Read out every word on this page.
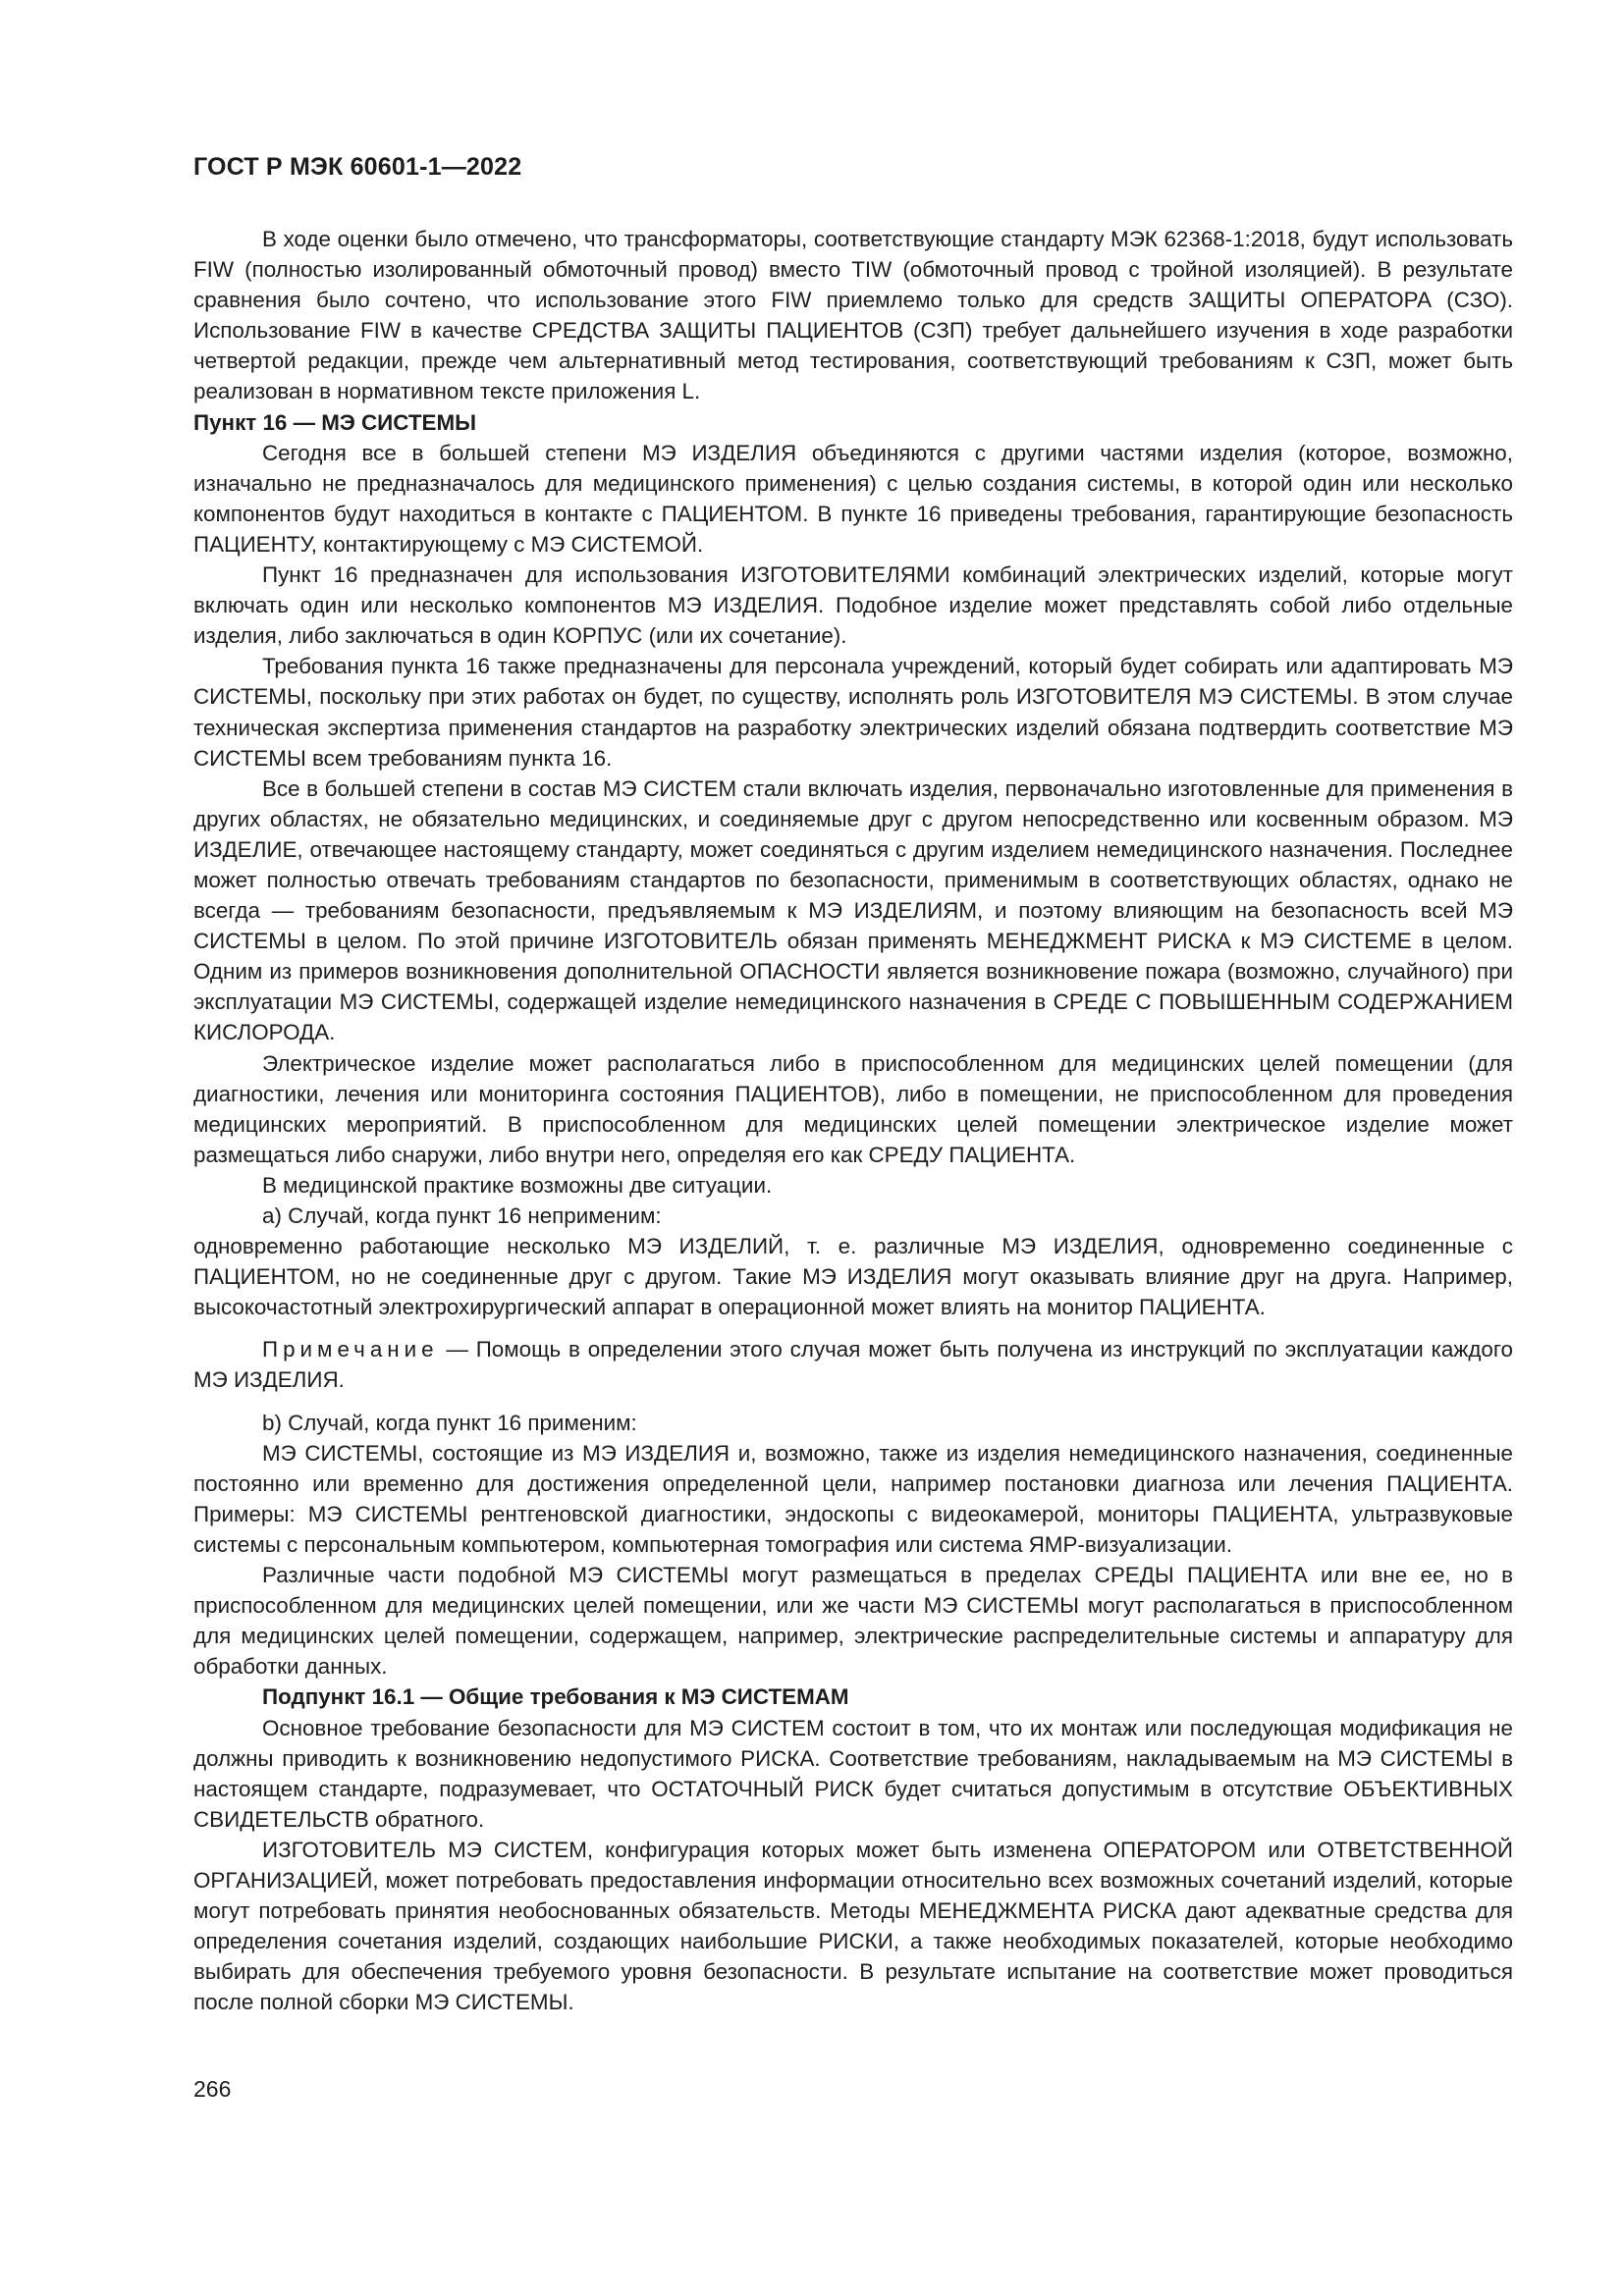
ГОСТ Р МЭК 60601-1—2022

В ходе оценки было отмечено, что трансформаторы, соответствующие стандарту МЭК 62368-1:2018, будут использовать FIW (полностью изолированный обмоточный провод) вместо TIW (обмоточный провод с тройной изоляцией). В результате сравнения было сочтено, что использование этого FIW приемлемо только для средств ЗАЩИТЫ ОПЕРАТОРА (СЗО). Использование FIW в качестве СРЕДСТВА ЗАЩИТЫ ПАЦИЕНТОВ (СЗП) требует дальнейшего изучения в ходе разработки четвертой редакции, прежде чем альтернативный метод тестирования, соответствующий требованиям к СЗП, может быть реализован в нормативном тексте приложения L.

Пункт 16 — МЭ СИСТЕМЫ

Сегодня все в большей степени МЭ ИЗДЕЛИЯ объединяются с другими частями изделия (которое, возможно, изначально не предназначалось для медицинского применения) с целью создания системы, в которой один или несколько компонентов будут находиться в контакте с ПАЦИЕНТОМ. В пункте 16 приведены требования, гарантирующие безопасность ПАЦИЕНТУ, контактирующему с МЭ СИСТЕМОЙ.

Пункт 16 предназначен для использования ИЗГОТОВИТЕЛЯМИ комбинаций электрических изделий, которые могут включать один или несколько компонентов МЭ ИЗДЕЛИЯ. Подобное изделие может представлять собой либо отдельные изделия, либо заключаться в один КОРПУС (или их сочетание).

Требования пункта 16 также предназначены для персонала учреждений, который будет собирать или адаптировать МЭ СИСТЕМЫ, поскольку при этих работах он будет, по существу, исполнять роль ИЗГОТОВИТЕЛЯ МЭ СИСТЕМЫ. В этом случае техническая экспертиза применения стандартов на разработку электрических изделий обязана подтвердить соответствие МЭ СИСТЕМЫ всем требованиям пункта 16.

Все в большей степени в состав МЭ СИСТЕМ стали включать изделия, первоначально изготовленные для применения в других областях, не обязательно медицинских, и соединяемые друг с другом непосредственно или косвенным образом. МЭ ИЗДЕЛИЕ, отвечающее настоящему стандарту, может соединяться с другим изделием немедицинского назначения. Последнее может полностью отвечать требованиям стандартов по безопасности, применимым в соответствующих областях, однако не всегда — требованиям безопасности, предъявляемым к МЭ ИЗДЕЛИЯМ, и поэтому влияющим на безопасность всей МЭ СИСТЕМЫ в целом. По этой причине ИЗГОТОВИТЕЛЬ обязан применять МЕНЕДЖМЕНТ РИСКА к МЭ СИСТЕМЕ в целом. Одним из примеров возникновения дополнительной ОПАСНОСТИ является возникновение пожара (возможно, случайного) при эксплуатации МЭ СИСТЕМЫ, содержащей изделие немедицинского назначения в СРЕДЕ С ПОВЫШЕННЫМ СОДЕРЖАНИЕМ КИСЛОРОДА.

Электрическое изделие может располагаться либо в приспособленном для медицинских целей помещении (для диагностики, лечения или мониторинга состояния ПАЦИЕНТОВ), либо в помещении, не приспособленном для проведения медицинских мероприятий. В приспособленном для медицинских целей помещении электрическое изделие может размещаться либо снаружи, либо внутри него, определяя его как СРЕДУ ПАЦИЕНТА.

В медицинской практике возможны две ситуации.

а) Случай, когда пункт 16 неприменим:

одновременно работающие несколько МЭ ИЗДЕЛИЙ, т. е. различные МЭ ИЗДЕЛИЯ, одновременно соединенные с ПАЦИЕНТОМ, но не соединенные друг с другом. Такие МЭ ИЗДЕЛИЯ могут оказывать влияние друг на друга. Например, высокочастотный электрохирургический аппарат в операционной может влиять на монитор ПАЦИЕНТА.

Примечание — Помощь в определении этого случая может быть получена из инструкций по эксплуатации каждого МЭ ИЗДЕЛИЯ.

b) Случай, когда пункт 16 применим:

МЭ СИСТЕМЫ, состоящие из МЭ ИЗДЕЛИЯ и, возможно, также из изделия немедицинского назначения, соединенные постоянно или временно для достижения определенной цели, например постановки диагноза или лечения ПАЦИЕНТА. Примеры: МЭ СИСТЕМЫ рентгеновской диагностики, эндоскопы с видеокамерой, мониторы ПАЦИЕНТА, ультразвуковые системы с персональным компьютером, компьютерная томография или система ЯМР-визуализации.

Различные части подобной МЭ СИСТЕМЫ могут размещаться в пределах СРЕДЫ ПАЦИЕНТА или вне ее, но в приспособленном для медицинских целей помещении, или же части МЭ СИСТЕМЫ могут располагаться в приспособленном для медицинских целей помещении, содержащем, например, электрические распределительные системы и аппаратуру для обработки данных.

Подпункт 16.1 — Общие требования к МЭ СИСТЕМАМ

Основное требование безопасности для МЭ СИСТЕМ состоит в том, что их монтаж или последующая модификация не должны приводить к возникновению недопустимого РИСКА. Соответствие требованиям, накладываемым на МЭ СИСТЕМЫ в настоящем стандарте, подразумевает, что ОСТАТОЧНЫЙ РИСК будет считаться допустимым в отсутствие ОБЪЕКТИВНЫХ СВИДЕТЕЛЬСТВ обратного.

ИЗГОТОВИТЕЛЬ МЭ СИСТЕМ, конфигурация которых может быть изменена ОПЕРАТОРОМ или ОТВЕТСТВЕННОЙ ОРГАНИЗАЦИЕЙ, может потребовать предоставления информации относительно всех возможных сочетаний изделий, которые могут потребовать принятия необоснованных обязательств. Методы МЕНЕДЖМЕНТА РИСКА дают адекватные средства для определения сочетания изделий, создающих наибольшие РИСКИ, а также необходимых показателей, которые необходимо выбирать для обеспечения требуемого уровня безопасности. В результате испытание на соответствие может проводиться после полной сборки МЭ СИСТЕМЫ.

266
